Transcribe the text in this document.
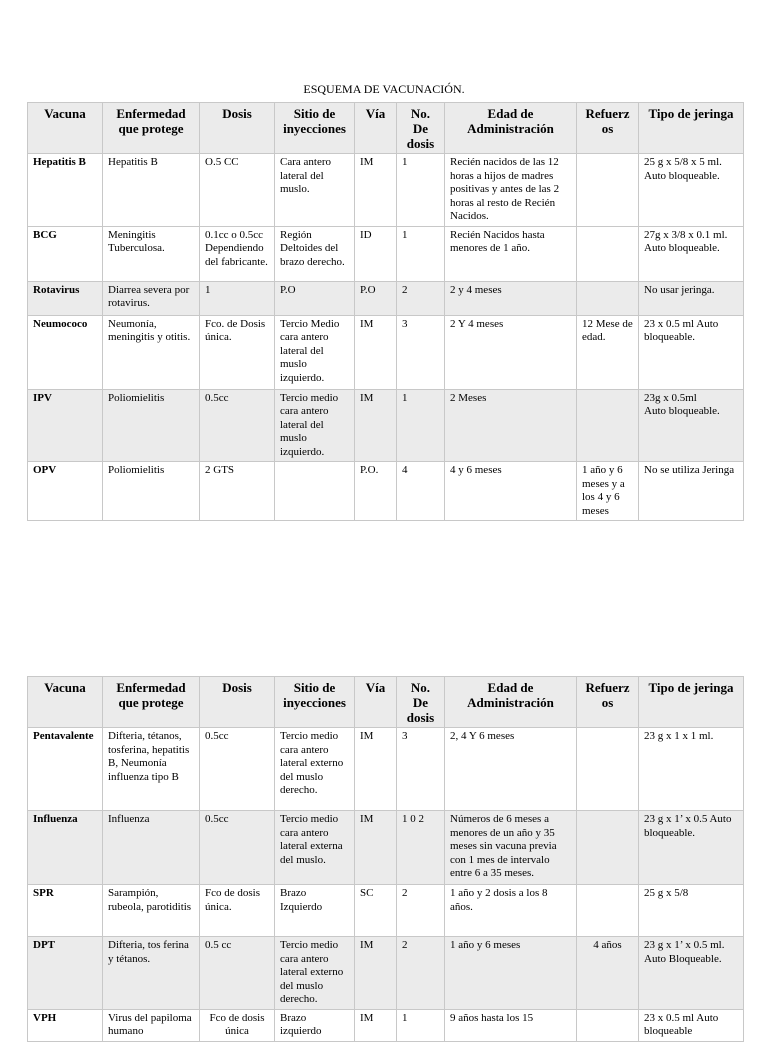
ESQUEMA DE VACUNACIÓN.
Vacuna	Enfermedad que protege	Dosis	Sitio de inyecciones	Vía	No. De dosis	Edad de Administración	Refuerz os	Tipo de jeringa
Hepatitis B	Hepatitis B	O.5 CC	Cara antero lateral del muslo.	IM	1	Recién nacidos de las 12 horas a hijos de madres positivas y antes de las 2 horas al resto de Recién Nacidos.		25 g x 5/8 x 5 ml.
Auto bloqueable.
BCG	Meningitis Tuberculosa.	0.1cc o 0.5cc Dependiendo del fabricante.	Región Deltoides del brazo derecho.	ID	1	Recién Nacidos hasta menores de 1 año.		27g x 3/8 x 0.1 ml. Auto bloqueable.
Rotavirus	Diarrea severa por rotavirus.	1	P.O	P.O	2	2 y 4 meses		No usar jeringa.
Neumococo	Neumonía, meningitis y otitis.	Fco. de Dosis única.	Tercio Medio cara antero lateral del muslo izquierdo.	IM	3	2 Y 4 meses	12 Mese de edad.	23 x 0.5 ml Auto bloqueable.
IPV	Poliomielitis	0.5cc	Tercio medio cara antero lateral del muslo izquierdo.	IM	1	2 Meses		23g x 0.5ml
Auto bloqueable.
OPV	Poliomielitis	2 GTS		P.O.	4	4 y 6 meses	1 año y 6 meses y a los 4 y 6 meses	No se utiliza Jeringa
Vacuna	Enfermedad que protege	Dosis	Sitio de inyecciones	Vía	No. De dosis	Edad de Administración	Refuerz os	Tipo de jeringa
Pentavalente	Difteria, tétanos, tosferina, hepatitis B, Neumonía influenza tipo B	0.5cc	Tercio medio cara antero lateral externo del muslo derecho.	IM	3	2, 4 Y 6 meses		23 g x 1 x 1 ml.
Influenza	Influenza	0.5cc	Tercio medio cara antero lateral externa del muslo.	IM	1 0 2	Números de 6 meses a menores de un año y 35 meses sin vacuna previa con 1 mes de intervalo entre 6 a 35 meses.		23 g x 1’ x 0.5 Auto bloqueable.
SPR	Sarampión, rubeola, parotiditis	Fco de dosis única.	Brazo Izquierdo	SC	2	1 año y 2 dosis a los 8 años.		25 g x 5/8
DPT	Difteria, tos ferina y tétanos.	0.5 cc	Tercio medio cara antero lateral externo del muslo derecho.	IM	2	1 año y 6 meses	4 años	23 g x 1’ x 0.5 ml. Auto Bloqueable.
VPH	Virus del papiloma humano	Fco de dosis única	Brazo izquierdo	IM	1	9 años hasta los 15		23 x 0.5 ml Auto bloqueable
